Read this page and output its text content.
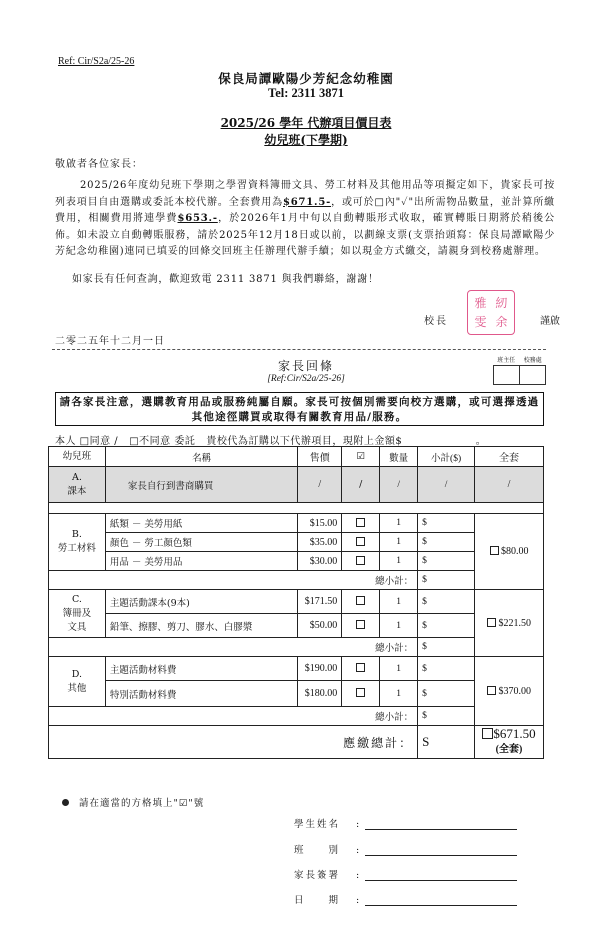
Ref: Cir/S2a/25-26
保良局譚歐陽少芳紀念幼稚園
Tel: 2311 3871
2025/26 學年 代辦項目價目表
幼兒班(下學期)
敬啟者各位家長：
2025/26年度幼兒班下學期之學習資料簿冊文具、勞工材料及其他用品等項擬定如下，貴家長可按列表項目自由選購或委託本校代辦。全套費用為$671.5-，或可於□內"✓"出所需物品數量，並計算所繳費用，相關費用將連學費$653.-，於2026年1月中旬以自動轉賬形式收取，確實轉賬日期將於稍後公佈。如未設立自動轉賬服務，請於2025年12月18日或以前，以劃線支票(支票抬頭寫：保良局譚歐陽少芳紀念幼稚園)連同已填妥的回條交回班主任辦理代辦手續；如以現金方式繳交，請親身到校務處辦理。
如家長有任何查詢，歡迎致電 2311 3871 與我們聯絡，謝謝！
校長
雅 紉
雯 余	謹啟
二零二五年十二月一日
家長回條
[Ref:Cir/S2a/25-26]
班主任 校務處
請各家長注意，選購教育用品或服務純屬自願。家長可按個別需要向校方選購，或可選擇透過其他途徑購買或取得有關教育用品/服務。
本人 □同意 /   □不同意 委託   貴校代為訂購以下代辦項目，現附上金額$                    。
幼兒班	名稱	售價	☑	數量	小計($)	全套
A.
課本	家長自行到書商購買	/	/	/	/	/

B.
勞工材料	紙類 － 美勞用紙	$15.00		1	$	$80.00
	顏色 － 勞工顏色類	$35.00		1	$	
	用品 － 美勞用品	$30.00		1	$	
總小計：					$	
C.
簿冊及
文具	主題活動課本(9本)	$171.50		1	$	$221.50
	鉛筆、擦膠、剪刀、膠水、白膠漿	$50.00		1	$	
總小計：					$	
D.
其他	主題活動材料費	$190.00		1	$	$370.00
	特別活動材料費	$180.00		1	$	
總小計：					$	
應繳總計：					S	$671.50
(全套)
請在適當的方格填上"☑"號
學生姓名	:
班　　別	:
家長簽署	:
日　　期	:
